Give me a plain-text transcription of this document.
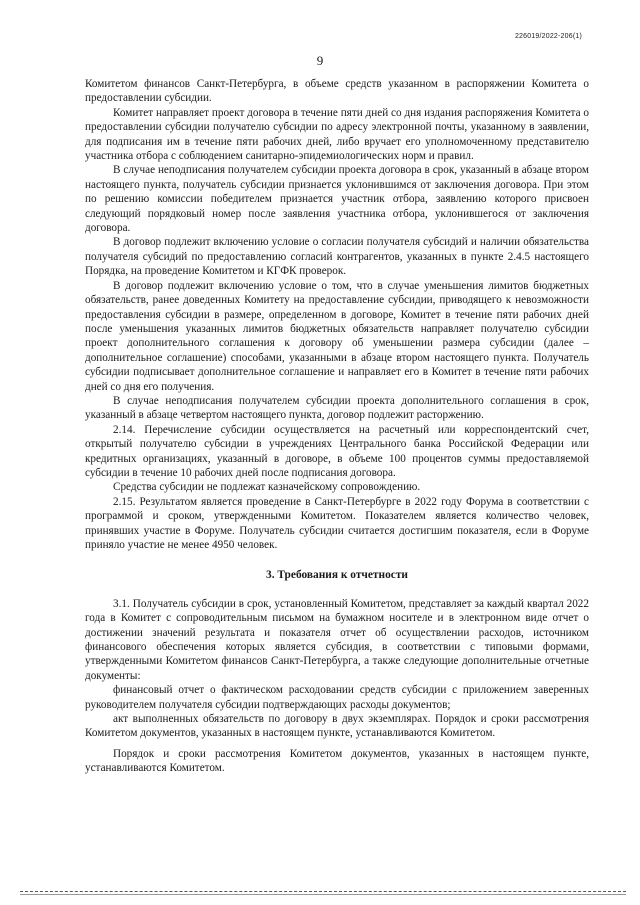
226019/2022-206(1)
9

Комитетом финансов Санкт-Петербурга, в объеме средств указанном в распоряжении Комитета о предоставлении субсидии.

Комитет направляет проект договора в течение пяти дней со дня издания распоряжения Комитета о предоставлении субсидии получателю субсидии по адресу электронной почты, указанному в заявлении, для подписания им в течение пяти рабочих дней, либо вручает его уполномоченному представителю участника отбора с соблюдением санитарно-эпидемиологических норм и правил.

В случае неподписания получателем субсидии проекта договора в срок, указанный в абзаце втором настоящего пункта, получатель субсидии признается уклонившимся от заключения договора. При этом по решению комиссии победителем признается участник отбора, заявлению которого присвоен следующий порядковый номер после заявления участника отбора, уклонившегося от заключения договора.

В договор подлежит включению условие о согласии получателя субсидий и наличии обязательства получателя субсидий по предоставлению согласий контрагентов, указанных в пункте 2.4.5 настоящего Порядка, на проведение Комитетом и КГФК проверок.

В договор подлежит включению условие о том, что в случае уменьшения лимитов бюджетных обязательств, ранее доведенных Комитету на предоставление субсидии, приводящего к невозможности предоставления субсидии в размере, определенном в договоре, Комитет в течение пяти рабочих дней после уменьшения указанных лимитов бюджетных обязательств направляет получателю субсидии проект дополнительного соглашения к договору об уменьшении размера субсидии (далее – дополнительное соглашение) способами, указанными в абзаце втором настоящего пункта. Получатель субсидии подписывает дополнительное соглашение и направляет его в Комитет в течение пяти рабочих дней со дня его получения.

В случае неподписания получателем субсидии проекта дополнительного соглашения в срок, указанный в абзаце четвертом настоящего пункта, договор подлежит расторжению.

2.14. Перечисление субсидии осуществляется на расчетный или корреспондентский счет, открытый получателю субсидии в учреждениях Центрального банка Российской Федерации или кредитных организациях, указанный в договоре, в объеме 100 процентов суммы предоставляемой субсидии в течение 10 рабочих дней после подписания договора.

Средства субсидии не подлежат казначейскому сопровождению.

2.15. Результатом является проведение в Санкт-Петербурге в 2022 году Форума в соответствии с программой и сроком, утвержденными Комитетом. Показателем является количество человек, принявших участие в Форуме. Получатель субсидии считается достигшим показателя, если в Форуме приняло участие не менее 4950 человек.

3. Требования к отчетности

3.1. Получатель субсидии в срок, установленный Комитетом, представляет за каждый квартал 2022 года в Комитет с сопроводительным письмом на бумажном носителе и в электронном виде отчет о достижении значений результата и показателя отчет об осуществлении расходов, источником финансового обеспечения которых является субсидия, в соответствии с типовыми формами, утвержденными Комитетом финансов Санкт-Петербурга, а также следующие дополнительные отчетные документы:

финансовый отчет о фактическом расходовании средств субсидии с приложением заверенных руководителем получателя субсидии подтверждающих расходы документов;

акт выполненных обязательств по договору в двух экземплярах. Порядок и сроки рассмотрения Комитетом документов, указанных в настоящем пункте, устанавливаются Комитетом.

Порядок и сроки рассмотрения Комитетом документов, указанных в настоящем пункте, устанавливаются Комитетом.
